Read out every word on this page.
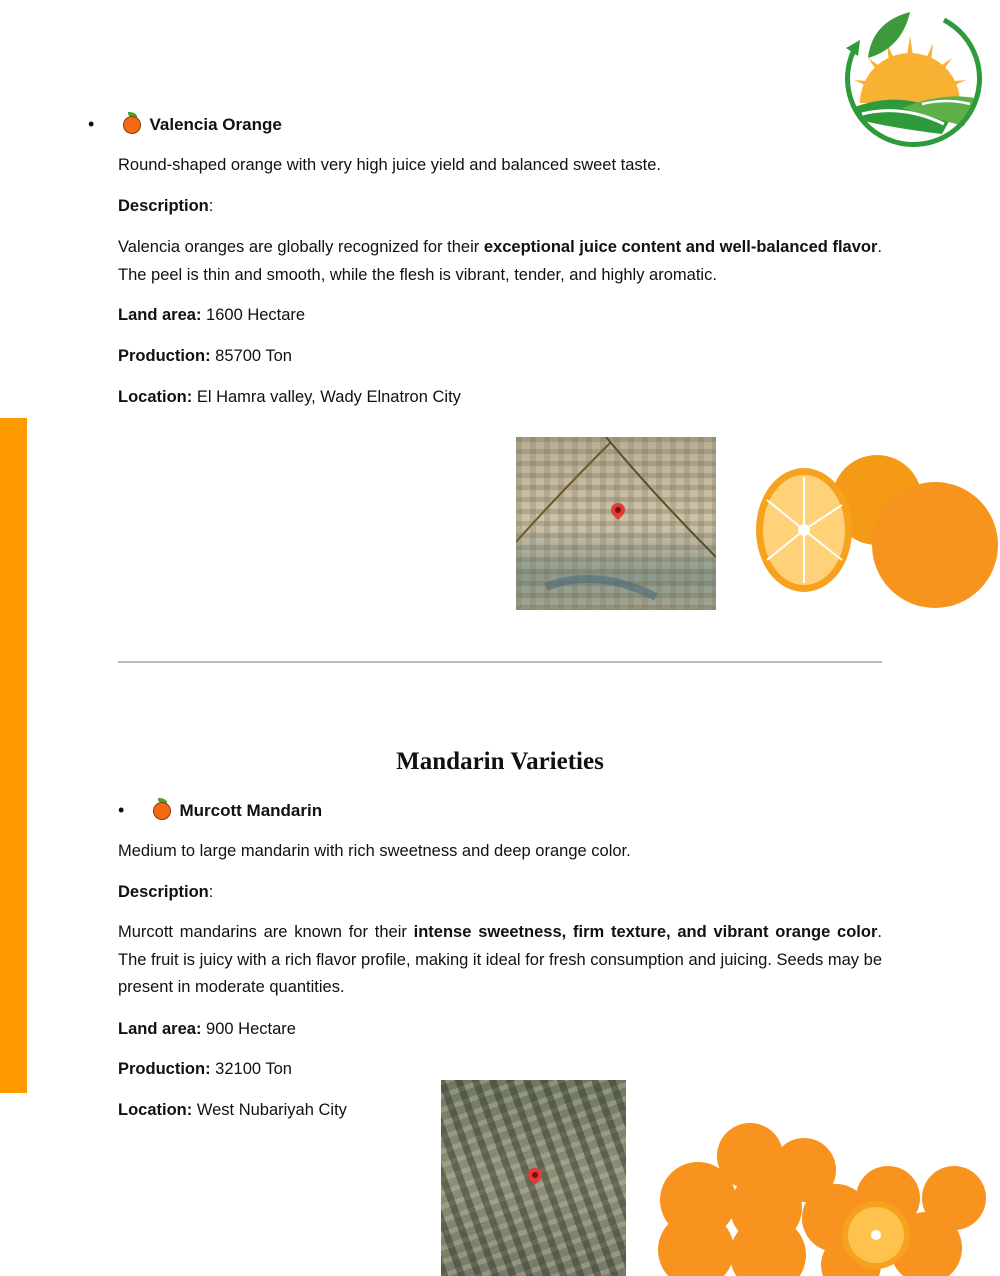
•	Valencia Orange
Round-shaped orange with very high juice yield and balanced sweet taste.
Description:
Valencia oranges are globally recognized for their exceptional juice content and well-balanced flavor. The peel is thin and smooth, while the flesh is vibrant, tender, and highly aromatic.
Land area: 1600 Hectare
Production: 85700 Ton
Location: El Hamra valley, Wady Elnatron City
Mandarin Varieties
•	Murcott Mandarin
Medium to large mandarin with rich sweetness and deep orange color.
Description:
Murcott mandarins are known for their intense sweetness, firm texture, and vibrant orange color. The fruit is juicy with a rich flavor profile, making it ideal for fresh consumption and juicing. Seeds may be present in moderate quantities.
Land area: 900 Hectare
Production: 32100 Ton
Location: West Nubariyah City
